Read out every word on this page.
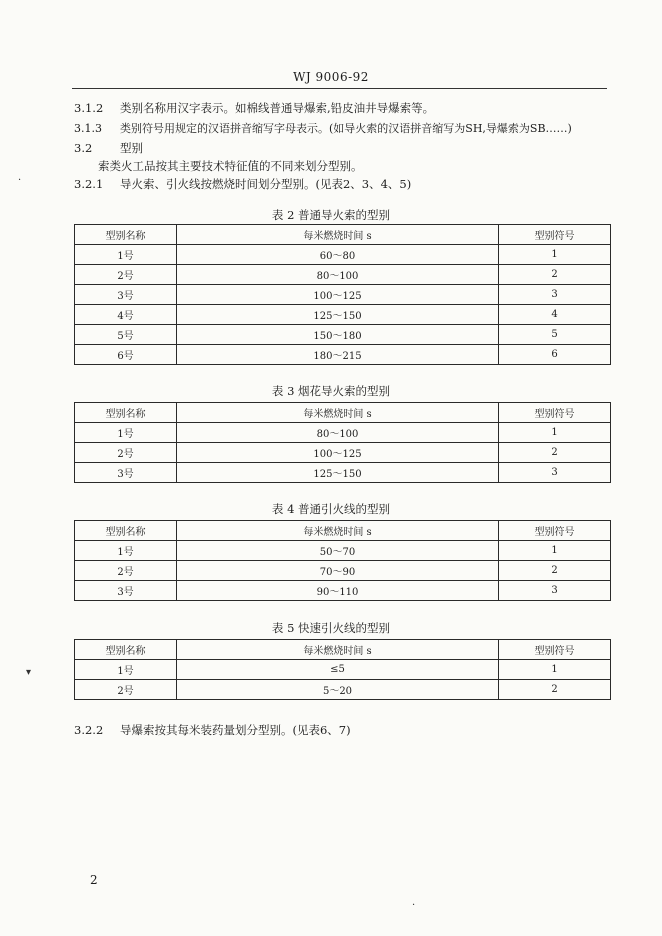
WJ 9006-92
3.1.2 类别名称用汉字表示。如棉线普通导爆索,铅皮油井导爆索等。
3.1.3 类别符号用规定的汉语拼音缩写字母表示。(如导火索的汉语拼音缩写为SH,导爆索为SB……)
3.2 型别
索类火工品按其主要技术特征值的不同来划分型别。
3.2.1 导火索、引火线按燃烧时间划分型别。(见表2、3、4、5)
表 2 普通导火索的型别
型别名称	每米燃烧时间 s	型别符号
1号	60～80	1
2号	80～100	2
3号	100～125	3
4号	125～150	4
5号	150～180	5
6号	180～215	6
表 3 烟花导火索的型别
型别名称	每米燃烧时间 s	型别符号
1号	80～100	1
2号	100～125	2
3号	125～150	3
表 4 普通引火线的型别
型别名称	每米燃烧时间 s	型别符号
1号	50～70	1
2号	70～90	2
3号	90～110	3
表 5 快速引火线的型别
型别名称	每米燃烧时间 s	型别符号
1号	≤5	1
2号	5～20	2
3.2.2 导爆索按其每米装药量划分型别。(见表6、7)
2
·
▾
·
